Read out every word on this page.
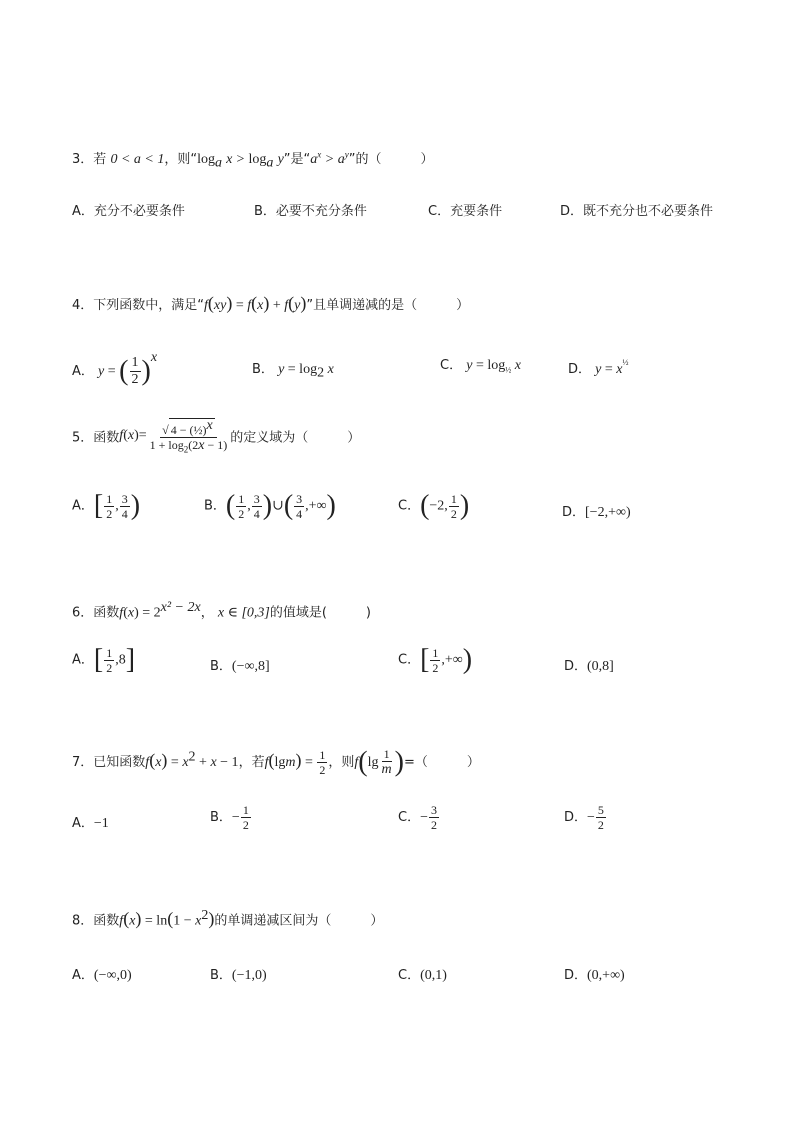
3．若 0 < a < 1，则“$\log_a$ $x > \log_a y$”是“$a^x > a^y$”的（　　　）
A．充分不必要条件	B．必要不充分条件	C．充要条件	D．既不充分也不必要条件
4．下列函数中，满足“f(xy) = f(x) + f(y)”且单调递减的是（　　　）
A． y = ( $\frac{1}{2} )^x$
B． $y = \log_2 x$	C． $y = \log_{\frac{1}{2}} x$	D． $y = x^{\frac{1}{2}}$
5．函数$f(x)= \frac{√ 4 - (\frac{1}{2})^x}{1 + \log_2(2x - 1)}$ 的定义域为（　　　）
A．[ $\frac{1}{2}$ , $\frac{3}{4}$ )	B．( $\frac{1}{2}$ , $\frac{3}{4}$ )∪( $\frac{3}{4}$ ,+∞)	C．(−2, $\frac{1}{2}$ )	D．[−2,+∞)
6．函数$f(x) = 2^{x^2 - 2x}$， x ∈ [0,3]的值域是(　　　)
A．[ $\frac{1}{2} ,8$]	B．(−∞,8]	C．[ $\frac{1}{2}$ ,+∞)	D．(0,8]
7．已知函数$f(x) = x^2 + x - 1$，若$f(\lg m) = \frac{1}{2}$ ，则$f(\lg \frac{1}{m}$ )=（　　　）
A．−1	B．− $\frac{1}{2}$	C．− $\frac{3}{2}$	D．− $\frac{5}{2}$
8．函数$f(x) = \ln(1 - x^2)$的单调递减区间为（　　　）
A．(−∞,0)	B．(−1,0)	C．(0,1)	D．(0,+∞)
